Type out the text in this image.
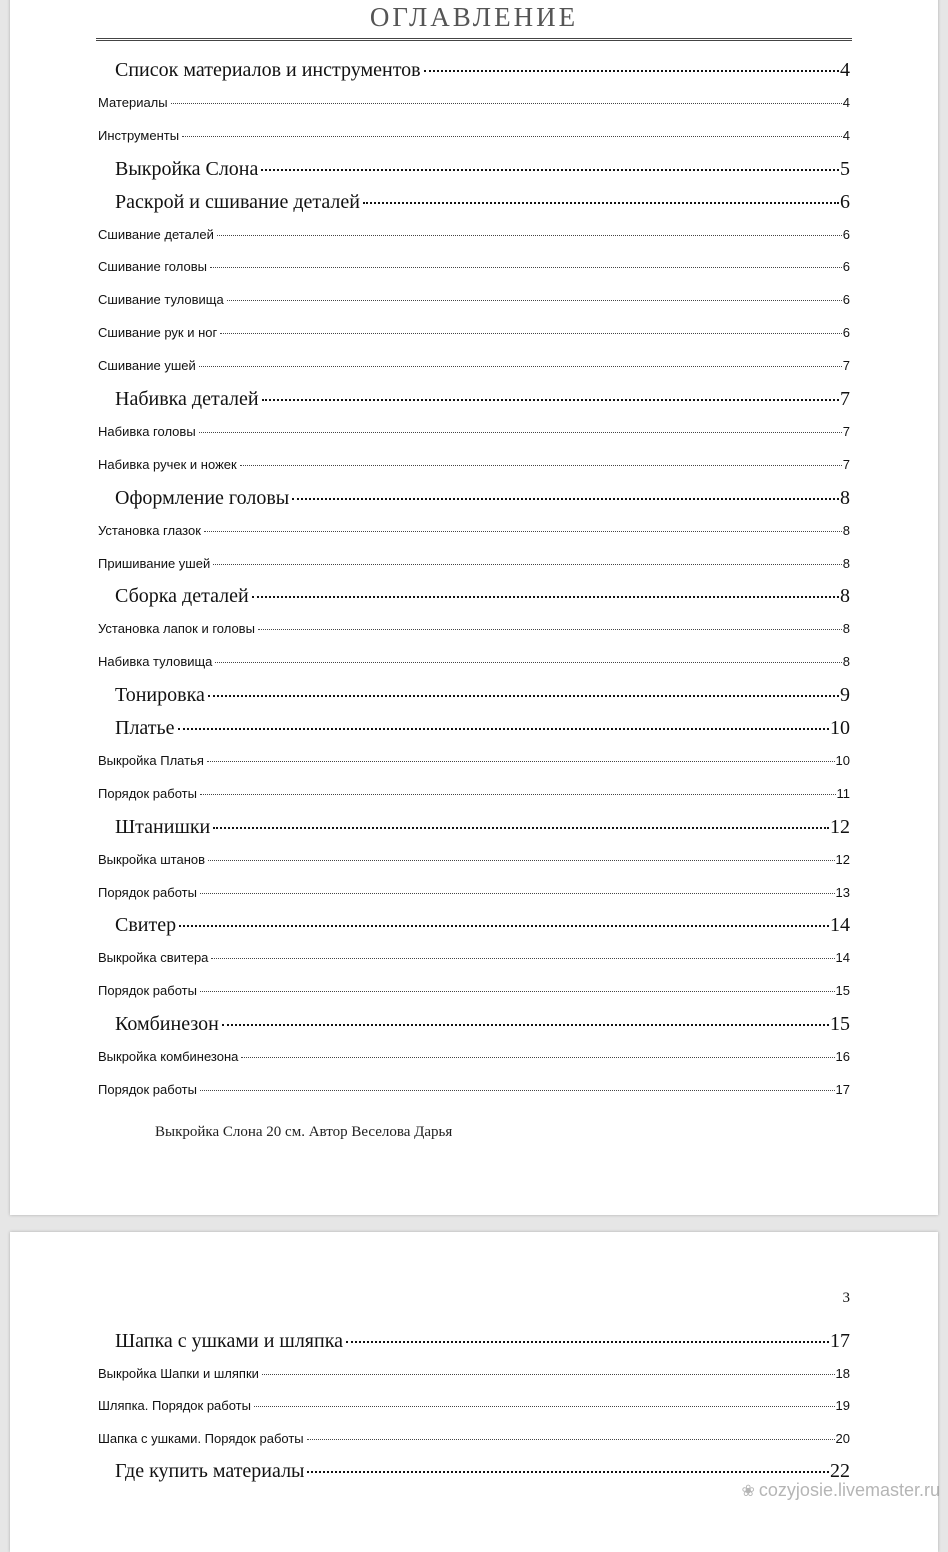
ОГЛАВЛЕНИЕ
Список материалов и инструментов	4
Материалы	4
Инструменты	4
Выкройка Слона	5
Раскрой и сшивание деталей	6
Сшивание деталей	6
Сшивание головы	6
Сшивание туловища	6
Сшивание рук и ног	6
Сшивание ушей	7
Набивка деталей	7
Набивка головы	7
Набивка ручек и ножек	7
Оформление головы	8
Установка глазок	8
Пришивание ушей	8
Сборка деталей	8
Установка лапок и головы	8
Набивка туловища	8
Тонировка	9
Платье	10
Выкройка Платья	10
Порядок работы	11
Штанишки	12
Выкройка штанов	12
Порядок работы	13
Свитер	14
Выкройка свитера	14
Порядок работы	15
Комбинезон	15
Выкройка комбинезона	16
Порядок работы	17
Выкройка Слона 20 см. Автор Веселова Дарья
3
Шапка с ушками и шляпка	17
Выкройка Шапки и шляпки	18
Шляпка. Порядок работы	19
Шапка с ушками. Порядок работы	20
Где купить материалы	22
❀ cozyjosie.livemaster.ru
